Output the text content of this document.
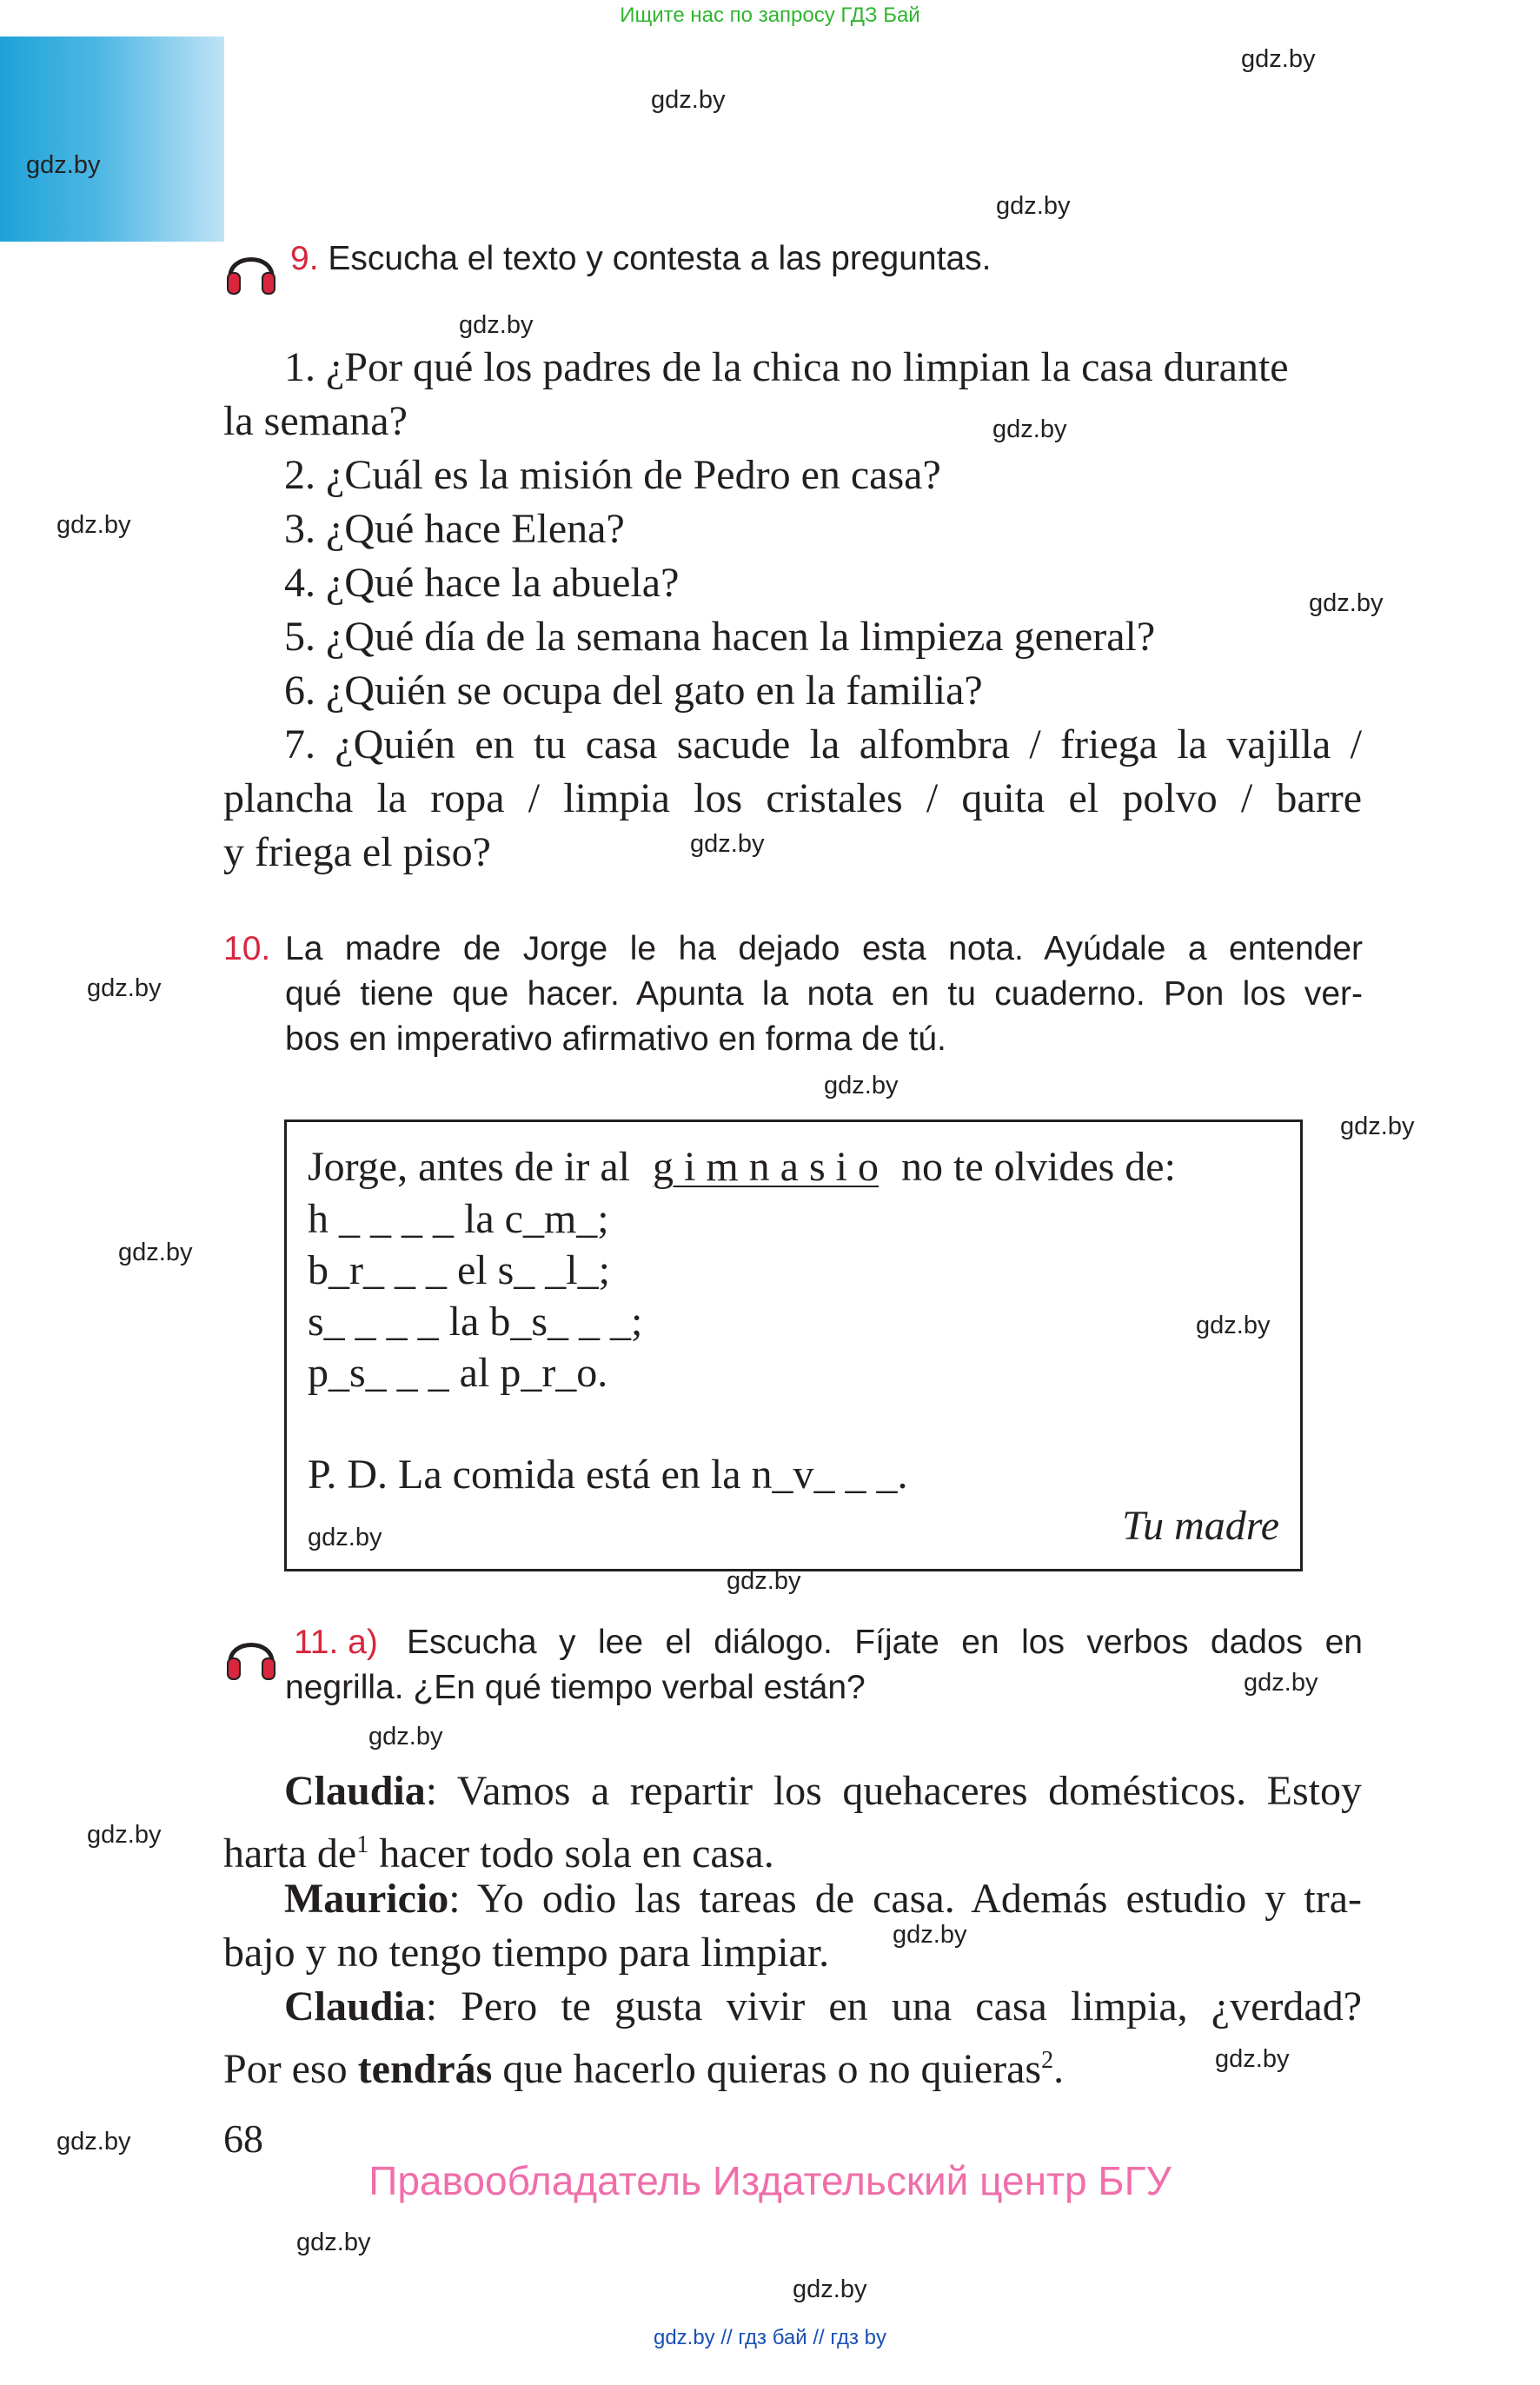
Ищите нас по запросу ГДЗ Бай
gdz.by
gdz.by
gdz.by
gdz.by
gdz.by
gdz.by
gdz.by
gdz.by
gdz.by
gdz.by
gdz.by
gdz.by
gdz.by
gdz.by
gdz.by
gdz.by
gdz.by
gdz.by
gdz.by
gdz.by
gdz.by
gdz.by
gdz.by
gdz.by
9. Escucha el texto y contesta a las preguntas.
1. ¿Por qué los padres de la chica no limpian la casa durante
la semana?
2. ¿Cuál es la misión de Pedro en casa?
3. ¿Qué hace Elena?
4. ¿Qué hace la abuela?
5. ¿Qué día de la semana hacen la limpieza general?
6. ¿Quién se ocupa del gato en la familia?
7. ¿Quién en tu casa sacude la alfombra / friega la vajilla /
plancha la ropa / limpia los cristales / quita el polvo / barre
y friega el piso?
10. La madre de Jorge le ha dejado esta nota. Ayúdale a entender
qué tiene que hacer. Apunta la nota en tu cuaderno. Pon los ver-
bos en imperativo afirmativo en forma de tú.
Jorge, antes de ir al g i m n a s i o no te olvides de:
h _ _ _ _ la c_m_;
b_r_ _ _ el s_ _l_;
s_ _ _ _ la b_s_ _ _;
p_s_ _ _ al p_r_o.
P. D. La comida está en la n_v_ _ _.
Tu madre
11. a) Escucha y lee el diálogo. Fíjate en los verbos dados en
negrilla. ¿En qué tiempo verbal están?
Claudia: Vamos a repartir los quehaceres domésticos. Estoy
harta $de^1$ hacer todo sola en casa.
Mauricio: Yo odio las tareas de casa. Además estudio y tra-
bajo y no tengo tiempo para limpiar.
Claudia: Pero te gusta vivir en una casa limpia, ¿verdad?
Por eso tendrás que hacerlo quieras o no quieras$^2$.
68
Правообладатель Издательский центр БГУ
gdz.by // гдз бай // гдз by
